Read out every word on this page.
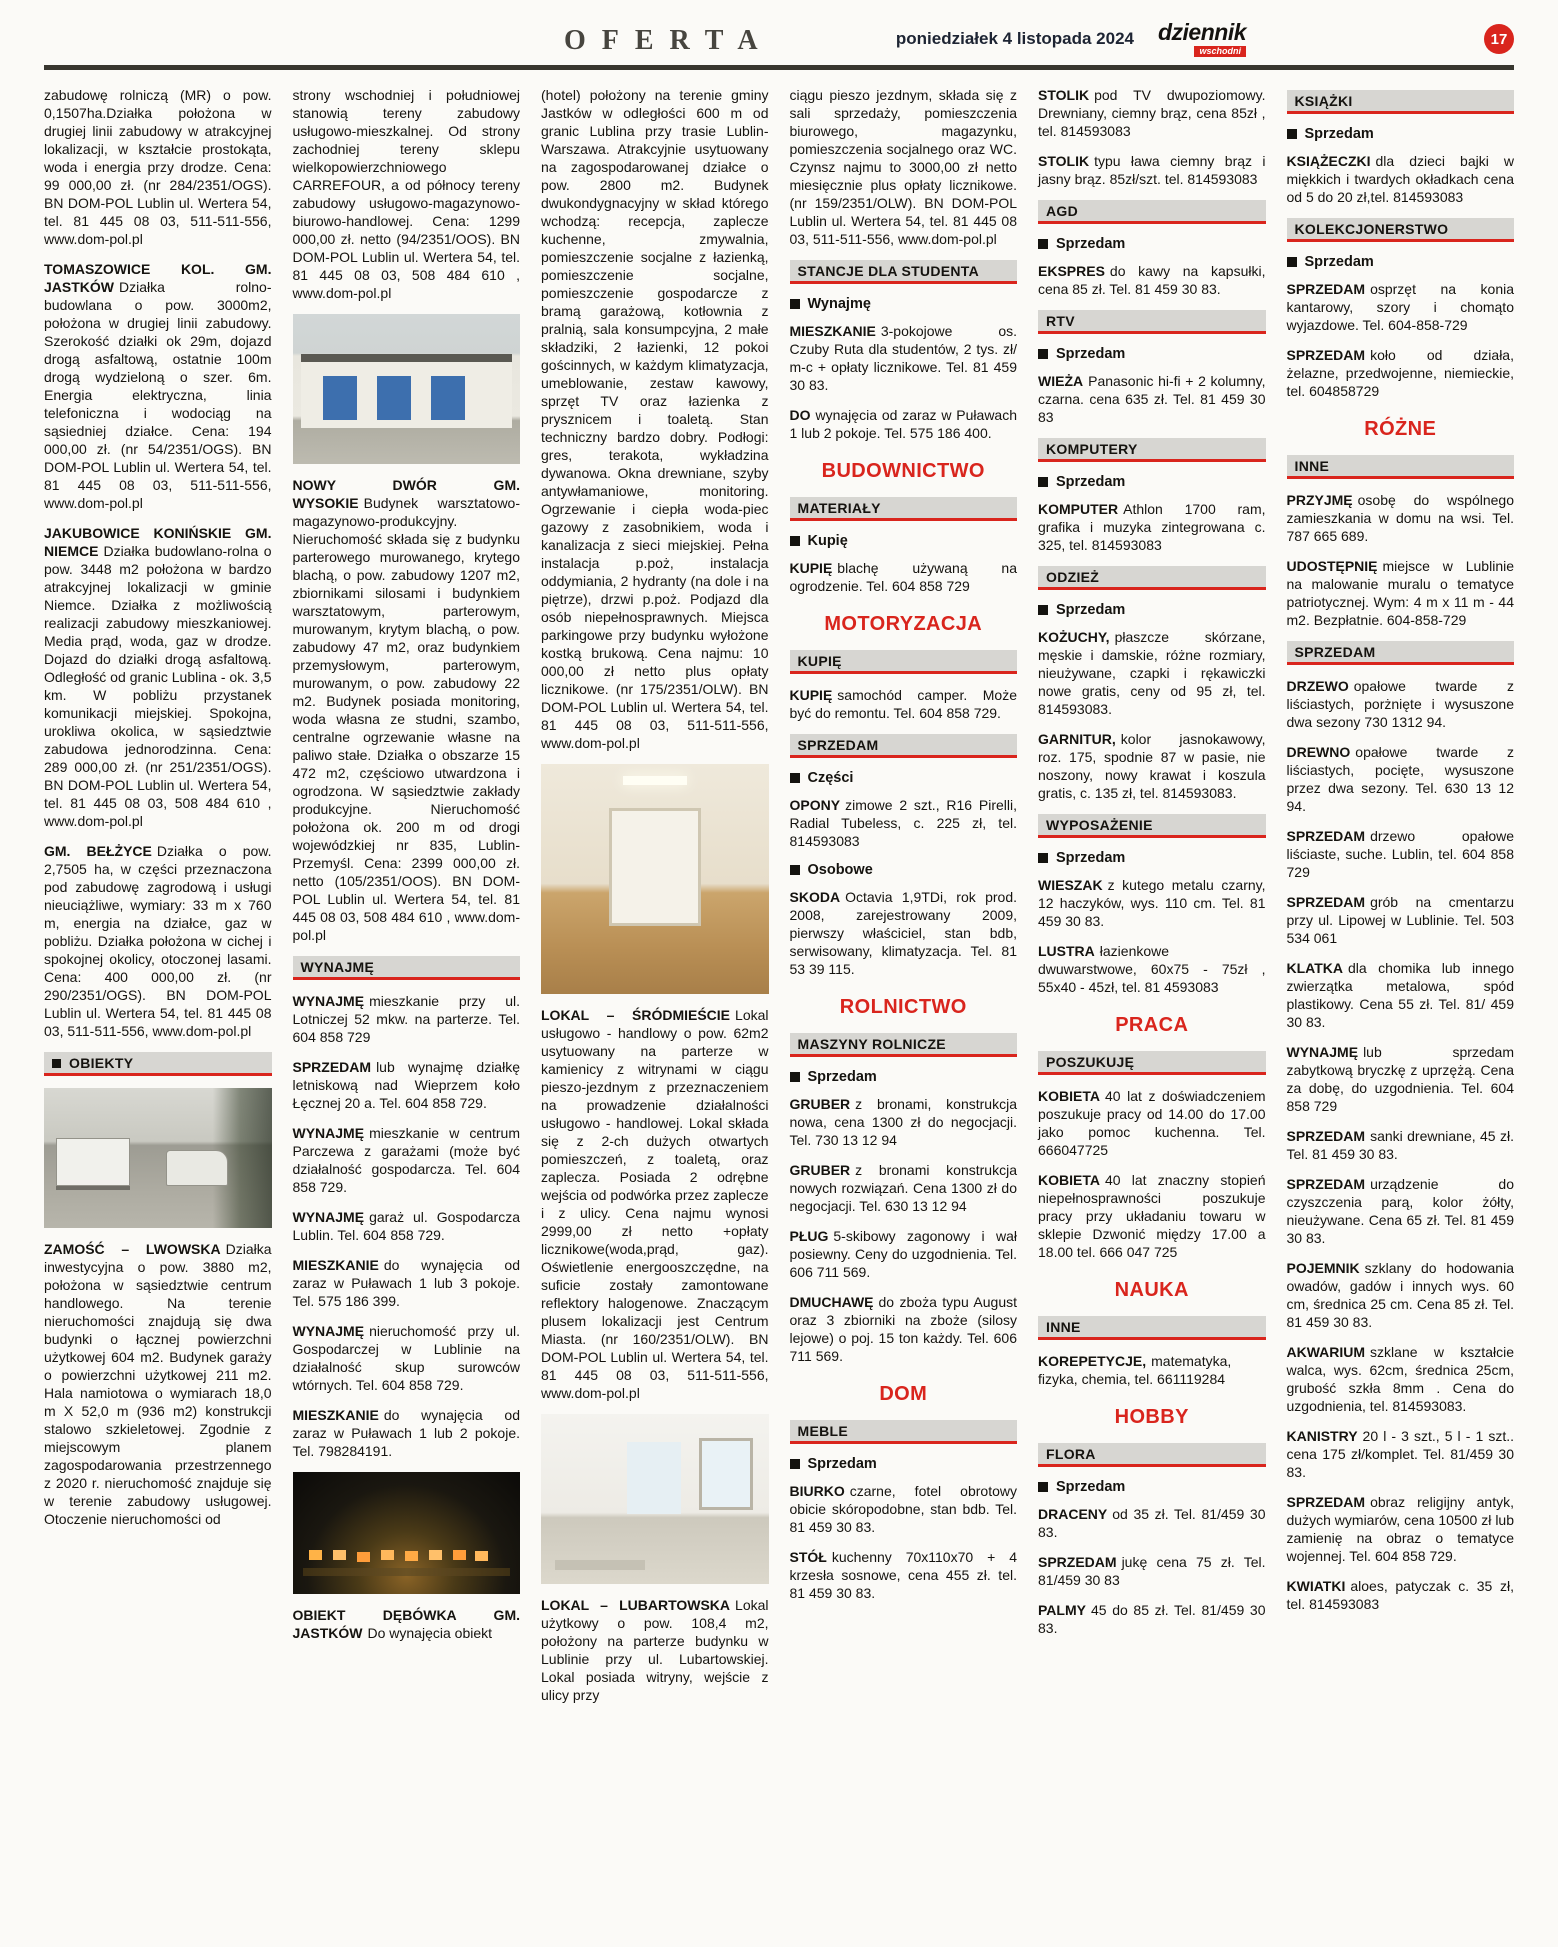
OFERTA	poniedziałek 4 listopada 2024 dziennik
wschodni
17

zabudowę rolniczą (MR) o pow. 0,1507ha.Działka położona w drugiej linii zabudowy w atrakcyjnej lokalizacji, w kształcie prostokąta, woda i energia przy drodze. Cena: 99 000,00 zł. (nr 284/2351/OGS). BN DOM-POL Lublin ul. Wertera 54, tel. 81 445 08 03, 511-511-556, www.dom-pol.pl

TOMASZOWICE KOL. GM. JASTKÓW Działka rolno-budowlana o pow. 3000m2, położona w drugiej linii zabudowy. Szerokość działki ok 29m, dojazd drogą asfaltową, ostatnie 100m drogą wydzieloną o szer. 6m. Energia elektryczna, linia telefoniczna i wodociąg na sąsiedniej działce. Cena: 194 000,00 zł. (nr 54/2351/OGS). BN DOM-POL Lublin ul. Wertera 54, tel. 81 445 08 03, 511-511-556, www.dom-pol.pl

JAKUBOWICE KONIŃSKIE GM. NIEMCE Działka budowlano-rolna o pow. 3448 m2 położona w bardzo atrakcyjnej lokalizacji w gminie Niemce. Działka z możliwością realizacji zabudowy mieszkaniowej. Media prąd, woda, gaz w drodze. Dojazd do działki drogą asfaltową. Odległość od granic Lublina - ok. 3,5 km. W pobliżu przystanek komunikacji miejskiej. Spokojna, urokliwa okolica, w sąsiedztwie zabudowa jednorodzinna. Cena: 289 000,00 zł. (nr 251/2351/OGS). BN DOM-POL Lublin ul. Wertera 54, tel. 81 445 08 03, 508 484 610 , www.dom-pol.pl

GM. BEŁŻYCE Działka o pow. 2,7505 ha, w części przeznaczona pod zabudowę zagrodową i usługi nieuciążliwe, wymiary: 33 m x 760 m, energia na działce, gaz w pobliżu. Działka położona w cichej i spokojnej okolicy, otoczonej lasami. Cena: 400 000,00 zł. (nr 290/2351/OGS). BN DOM-POL Lublin ul. Wertera 54, tel. 81 445 08 03, 511-511-556, www.dom-pol.pl

OBIEKTY

ZAMOŚĆ – LWOWSKA Działka inwestycyjna o pow. 3880 m2, położona w sąsiedztwie centrum handlowego. Na terenie nieruchomości znajdują się dwa budynki o łącznej powierzchni użytkowej 604 m2. Budynek garaży o powierzchni użytkowej 211 m2. Hala namiotowa o wymiarach 18,0 m X 52,0 m (936 m2) konstrukcji stalowo szkieletowej. Zgodnie z miejscowym planem zagospodarowania przestrzennego z 2020 r. nieruchomość znajduje się w terenie zabudowy usługowej. Otoczenie nieruchomości od

strony wschodniej i południowej stanowią tereny zabudowy usługowo-mieszkalnej. Od strony zachodniej tereny sklepu wielkopowierzchniowego CARREFOUR, a od północy tereny zabudowy usługowo-magazynowo-biurowo-handlowej. Cena: 1299 000,00 zł. netto (94/2351/OOS). BN DOM-POL Lublin ul. Wertera 54, tel. 81 445 08 03, 508 484 610 , www.dom-pol.pl

NOWY DWÓR GM. WYSOKIE Budynek warsztatowo-magazynowo-produkcyjny. Nieruchomość składa się z budynku parterowego murowanego, krytego blachą, o pow. zabudowy 1207 m2, zbiornikami silosami i budynkiem warsztatowym, parterowym, murowanym, krytym blachą, o pow. zabudowy 47 m2, oraz budynkiem przemysłowym, parterowym, murowanym, o pow. zabudowy 22 m2. Budynek posiada monitoring, woda własna ze studni, szambo, centralne ogrzewanie własne na paliwo stałe. Działka o obszarze 15 472 m2, częściowo utwardzona i ogrodzona. W sąsiedztwie zakłady produkcyjne. Nieruchomość położona ok. 200 m od drogi wojewódzkiej nr 835, Lublin-Przemyśl. Cena: 2399 000,00 zł. netto (105/2351/OOS). BN DOM-POL Lublin ul. Wertera 54, tel. 81 445 08 03, 508 484 610 , www.dom-pol.pl

WYNAJMĘ

WYNAJMĘ mieszkanie przy ul. Lotniczej 52 mkw. na parterze. Tel. 604 858 729

SPRZEDAM lub wynajmę działkę letniskową nad Wieprzem koło Łęcznej 20 a. Tel. 604 858 729.

WYNAJMĘ mieszkanie w centrum Parczewa z garażami (może być działalność gospodarcza. Tel. 604 858 729.

WYNAJMĘ garaż ul. Gospodarcza Lublin. Tel. 604 858 729.

MIESZKANIE do wynajęcia od zaraz w Puławach 1 lub 3 pokoje. Tel. 575 186 399.

WYNAJMĘ nieruchomość przy ul. Gospodarczej w Lublinie na działalność skup surowców wtórnych. Tel. 604 858 729.

MIESZKANIE do wynajęcia od zaraz w Puławach 1 lub 2 pokoje. Tel. 798284191.

OBIEKT DĘBÓWKA GM. JASTKÓW Do wynajęcia obiekt

(hotel) położony na terenie gminy Jastków w odległości 600 m od granic Lublina przy trasie Lublin- Warszawa. Atrakcyjnie usytuowany na zagospodarowanej działce o pow. 2800 m2. Budynek dwukondygnacyjny w skład którego wchodzą: recepcja, zaplecze kuchenne, zmywalnia, pomieszczenie socjalne z łazienką, pomieszczenie socjalne, pomieszczenie gospodarcze z bramą garażową, kotłownia z pralnią, sala konsumpcyjna, 2 małe składziki, 2 łazienki, 12 pokoi gościnnych, w każdym klimatyzacja, umeblowanie, zestaw kawowy, sprzęt TV oraz łazienka z prysznicem i toaletą. Stan techniczny bardzo dobry. Podłogi: gres, terakota, wykładzina dywanowa. Okna drewniane, szyby antywłamaniowe, monitoring. Ogrzewanie i ciepła woda-piec gazowy z zasobnikiem, woda i kanalizacja z sieci miejskiej. Pełna instalacja p.poż, instalacja oddymiania, 2 hydranty (na dole i na piętrze), drzwi p.poż. Podjazd dla osób niepełnosprawnych. Miejsca parkingowe przy budynku wyłożone kostką brukową. Cena najmu: 10 000,00 zł netto plus opłaty licznikowe. (nr 175/2351/OLW). BN DOM-POL Lublin ul. Wertera 54, tel. 81 445 08 03, 511-511-556, www.dom-pol.pl

LOKAL – ŚRÓDMIEŚCIE Lokal usługowo - handlowy o pow. 62m2 usytuowany na parterze w kamienicy z witrynami w ciągu pieszo-jezdnym z przeznaczeniem na prowadzenie działalności usługowo - handlowej. Lokal składa się z 2-ch dużych otwartych pomieszczeń, z toaletą, oraz zaplecza. Posiada 2 odrębne wejścia od podwórka przez zaplecze i z ulicy. Cena najmu wynosi 2999,00 zł netto +opłaty licznikowe(woda,prąd, gaz). Oświetlenie energooszczędne, na suficie zostały zamontowane reflektory halogenowe. Znaczącym plusem lokalizacji jest Centrum Miasta. (nr 160/2351/OLW). BN DOM-POL Lublin ul. Wertera 54, tel. 81 445 08 03, 511-511-556, www.dom-pol.pl

LOKAL – LUBARTOWSKA Lokal użytkowy o pow. 108,4 m2, położony na parterze budynku w Lublinie przy ul. Lubartowskiej. Lokal posiada witryny, wejście z ulicy przy

ciągu pieszo jezdnym, składa się z sali sprzedaży, pomieszczenia biurowego, magazynku, pomieszczenia socjalnego oraz WC. Czynsz najmu to 3000,00 zł netto miesięcznie plus opłaty licznikowe. (nr 159/2351/OLW). BN DOM-POL Lublin ul. Wertera 54, tel. 81 445 08 03, 511-511-556, www.dom-pol.pl

STANCJE DLA STUDENTA
Wynajmę

MIESZKANIE 3-pokojowe os. Czuby Ruta dla studentów, 2 tys. zł/ m-c + opłaty licznikowe. Tel. 81 459 30 83.

DO wynajęcia od zaraz w Puławach 1 lub 2 pokoje. Tel. 575 186 400.

BUDOWNICTWO
MATERIAŁY
Kupię

KUPIĘ blachę używaną na ogrodzenie. Tel. 604 858 729

MOTORYZACJA
KUPIĘ

KUPIĘ samochód camper. Może być do remontu. Tel. 604 858 729.

SPRZEDAM
Części

OPONY zimowe 2 szt., R16 Pirelli, Radial Tubeless, c. 225 zł, tel. 814593083

Osobowe

SKODA Octavia 1,9TDi, rok prod. 2008, zarejestrowany 2009, pierwszy właściciel, stan bdb, serwisowany, klimatyzacja. Tel. 81 53 39 115.

ROLNICTWO
MASZYNY ROLNICZE
Sprzedam

GRUBER z bronami, konstrukcja nowa, cena 1300 zł do negocjacji. Tel. 730 13 12 94

GRUBER z bronami konstrukcja nowych rozwiązań. Cena 1300 zł do negocjacji. Tel. 630 13 12 94

PŁUG 5-skibowy zagonowy i wał posiewny. Ceny do uzgodnienia. Tel. 606 711 569.

DMUCHAWĘ do zboża typu August oraz 3 zbiorniki na zboże (silosy lejowe) o poj. 15 ton każdy. Tel. 606 711 569.

DOM
MEBLE
Sprzedam

BIURKO czarne, fotel obrotowy obicie skóropodobne, stan bdb. Tel. 81 459 30 83.

STÓŁ kuchenny 70x110x70 + 4 krzesła sosnowe, cena 455 zł. tel. 81 459 30 83.

STOLIK pod TV dwupoziomowy. Drewniany, ciemny brąz, cena 85zł , tel. 814593083

STOLIK typu ława ciemny brąz i jasny brąz. 85zł/szt. tel. 814593083

AGD
Sprzedam

EKSPRES do kawy na kapsułki, cena 85 zł. Tel. 81 459 30 83.

RTV
Sprzedam

WIEŻA Panasonic hi-fi + 2 kolumny, czarna. cena 635 zł. Tel. 81 459 30 83

KOMPUTERY
Sprzedam

KOMPUTER Athlon 1700 ram, grafika i muzyka zintegrowana c. 325, tel. 814593083

ODZIEŻ
Sprzedam

KOŻUCHY, płaszcze skórzane, męskie i damskie, różne rozmiary, nieużywane, czapki i rękawiczki nowe gratis, ceny od 95 zł, tel. 814593083.

GARNITUR, kolor jasnokawowy, roz. 175, spodnie 87 w pasie, nie noszony, nowy krawat i koszula gratis, c. 135 zł, tel. 814593083.

WYPOSAŻENIE
Sprzedam

WIESZAK z kutego metalu czarny, 12 haczyków, wys. 110 cm. Tel. 81 459 30 83.

LUSTRA łazienkowe dwuwarstwowe, 60x75 - 75zł , 55x40 - 45zł, tel. 81 4593083

PRACA
POSZUKUJĘ

KOBIETA 40 lat z doświadczeniem poszukuje pracy od 14.00 do 17.00 jako pomoc kuchenna. Tel. 666047725

KOBIETA 40 lat znaczny stopień niepełnosprawności poszukuje pracy przy układaniu towaru w sklepie Dzwonić między 17.00 a 18.00 tel. 666 047 725

NAUKA
INNE

KOREPETYCJE, matematyka, fizyka, chemia, tel. 661119284

HOBBY
FLORA
Sprzedam

DRACENY od 35 zł. Tel. 81/459 30 83.

SPRZEDAM jukę cena 75 zł. Tel. 81/459 30 83

PALMY 45 do 85 zł. Tel. 81/459 30 83.

KSIĄŻKI
Sprzedam

KSIĄŻECZKI dla dzieci bajki w miękkich i twardych okładkach cena od 5 do 20 zł,tel. 814593083

KOLEKCJONERSTWO
Sprzedam

SPRZEDAM osprzęt na konia kantarowy, szory i chomąto wyjazdowe. Tel. 604-858-729

SPRZEDAM koło od działa, żelazne, przedwojenne, niemieckie, tel. 604858729

RÓŻNE
INNE

PRZYJMĘ osobę do wspólnego zamieszkania w domu na wsi. Tel. 787 665 689.

UDOSTĘPNIĘ miejsce w Lublinie na malowanie muralu o tematyce patriotycznej. Wym: 4 m x 11 m - 44 m2. Bezpłatnie. 604-858-729

SPRZEDAM

DRZEWO opałowe twarde z liściastych, porżnięte i wysuszone dwa sezony 730 1312 94.

DREWNO opałowe twarde z liściastych, pocięte, wysuszone przez dwa sezony. Tel. 630 13 12 94.

SPRZEDAM drzewo opałowe liściaste, suche. Lublin, tel. 604 858 729

SPRZEDAM grób na cmentarzu przy ul. Lipowej w Lublinie. Tel. 503 534 061

KLATKA dla chomika lub innego zwierzątka metalowa, spód plastikowy. Cena 55 zł. Tel. 81/ 459 30 83.

WYNAJMĘ lub sprzedam zabytkową bryczkę z uprzężą. Cena za dobę, do uzgodnienia. Tel. 604 858 729

SPRZEDAM sanki drewniane, 45 zł. Tel. 81 459 30 83.

SPRZEDAM urządzenie do czyszczenia parą, kolor żółty, nieużywane. Cena 65 zł. Tel. 81 459 30 83.

POJEMNIK szklany do hodowania owadów, gadów i innych wys. 60 cm, średnica 25 cm. Cena 85 zł. Tel. 81 459 30 83.

AKWARIUM szklane w kształcie walca, wys. 62cm, średnica 25cm, grubość szkła 8mm . Cena do uzgodnienia, tel. 814593083.

KANISTRY 20 l - 3 szt., 5 l - 1 szt.. cena 175 zł/komplet. Tel. 81/459 30 83.

SPRZEDAM obraz religijny antyk, dużych wymiarów, cena 10500 zł lub zamienię na obraz o tematyce wojennej. Tel. 604 858 729.

KWIATKI aloes, patyczak c. 35 zł, tel. 814593083
